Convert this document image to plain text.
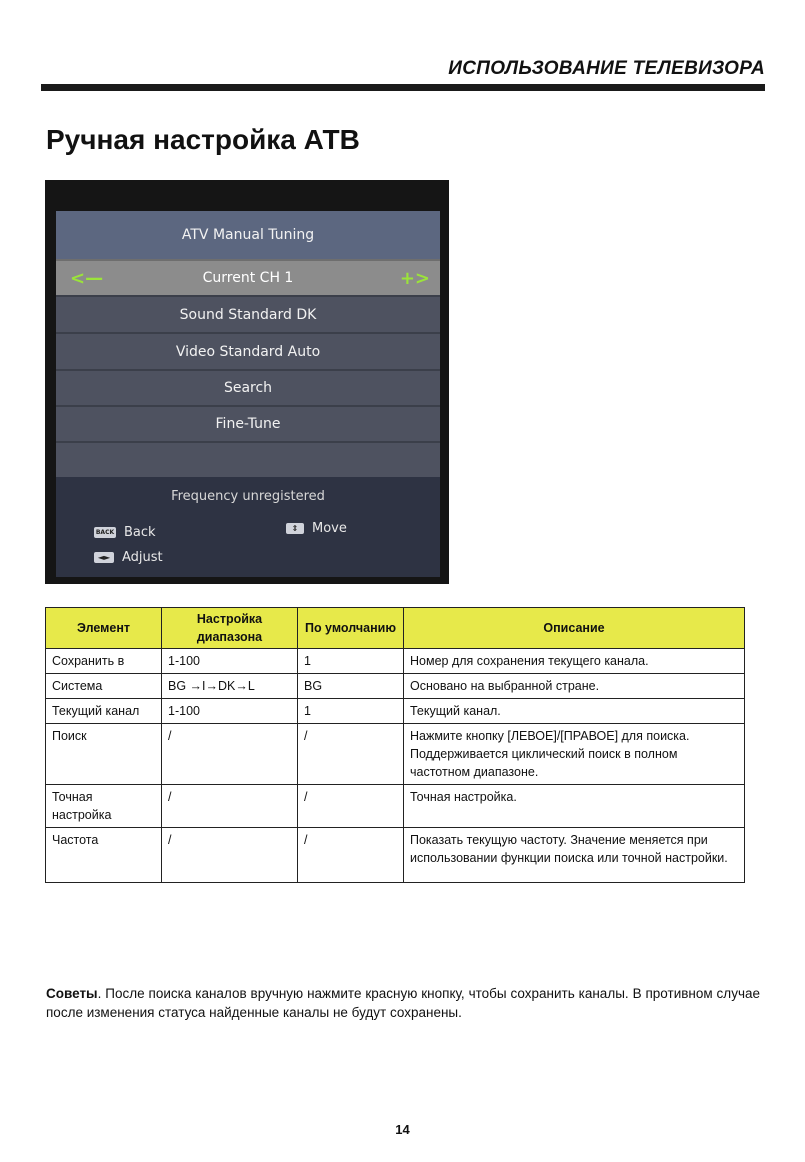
ИСПОЛЬЗОВАНИЕ ТЕЛЕВИЗОРА
Ручная настройка АТВ
ATV Manual Tuning
<—	Current CH 1	+>
Sound Standard DK
Video Standard Auto
Search
Fine-Tune
Frequency unregistered
BACK Back	⇕	Move
◄► Adjust
Элемент	Настройка диапазона	По умолчанию	Описание
Сохранить в	1-100	1	Номер для сохранения текущего канала.
Система	BG →I→DK→L	BG	Основано на выбранной стране.
Текущий канал	1-100	1	Текущий канал.
Поиск	/	/	Нажмите кнопку [ЛЕВОЕ]/[ПРАВОЕ] для поиска. Поддерживается циклический поиск в полном частотном диапазоне.
Точная настройка	/	/	Точная настройка.
Частота	/	/	Показать текущую частоту. Значение меняется при использовании функции поиска или точной настройки.
Советы. После поиска каналов вручную нажмите красную кнопку, чтобы сохранить каналы. В противном случае после изменения статуса найденные каналы не будут сохранены.
14
